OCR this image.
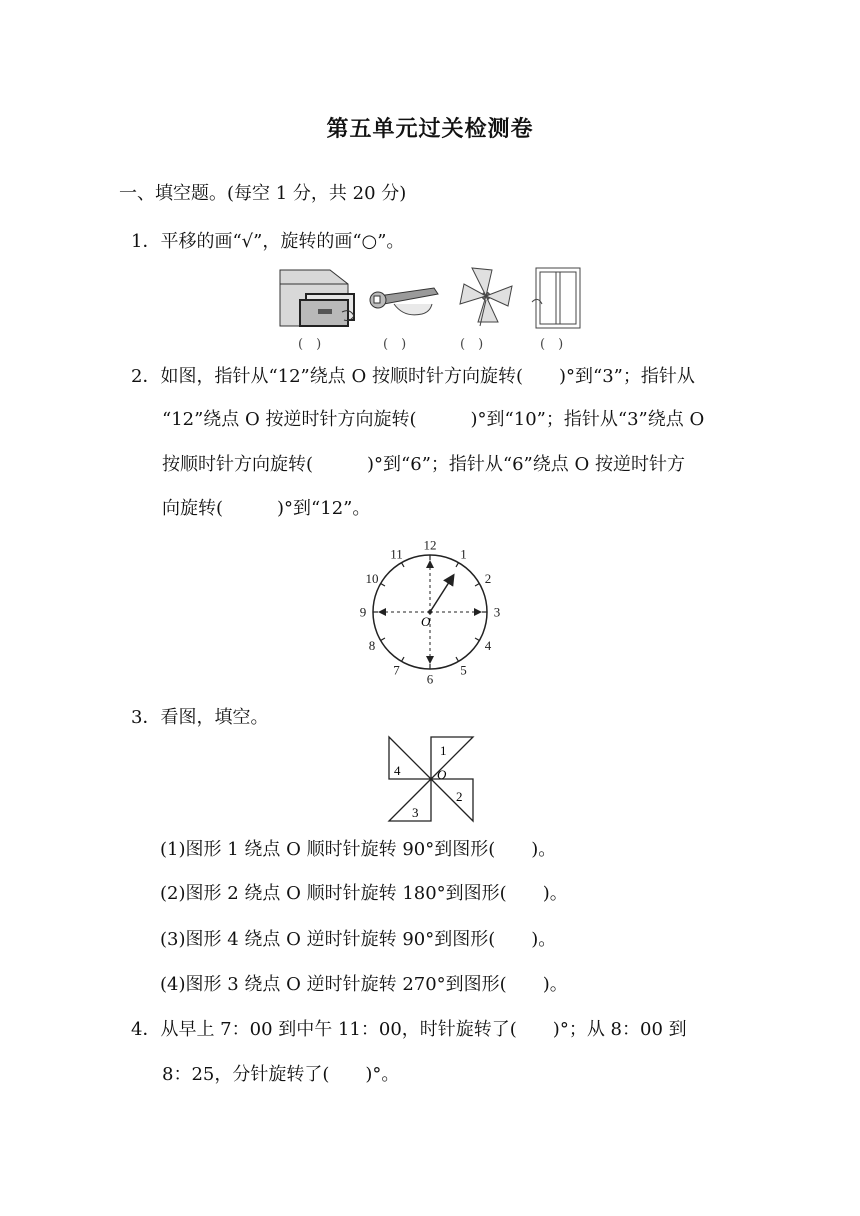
第五单元过关检测卷
一、填空题。(每空 1 分，共 20 分)
1．平移的画“√”，旋转的画“○”。
(　)	(　)	(　)	(　)
2．如图，指针从“12”绕点 O 按顺时针方向旋转(　　)°到“3”；指针从
“12”绕点 O 按逆时针方向旋转(　　　)°到“10”；指针从“3”绕点 O
按顺时针方向旋转(　　　)°到“6”；指针从“6”绕点 O 按逆时针方
向旋转(　　　)°到“12”。
12
1
2
3
4
5
6
7
8
9
10
11
O
3．看图，填空。
1
2
3
4	O
(1)图形 1 绕点 O 顺时针旋转 90°到图形(　　)。
(2)图形 2 绕点 O 顺时针旋转 180°到图形(　　)。
(3)图形 4 绕点 O 逆时针旋转 90°到图形(　　)。
(4)图形 3 绕点 O 逆时针旋转 270°到图形(　　)。
4．从早上 7：00 到中午 11：00，时针旋转了(　　)°；从 8：00 到
8：25，分针旋转了(　　)°。
